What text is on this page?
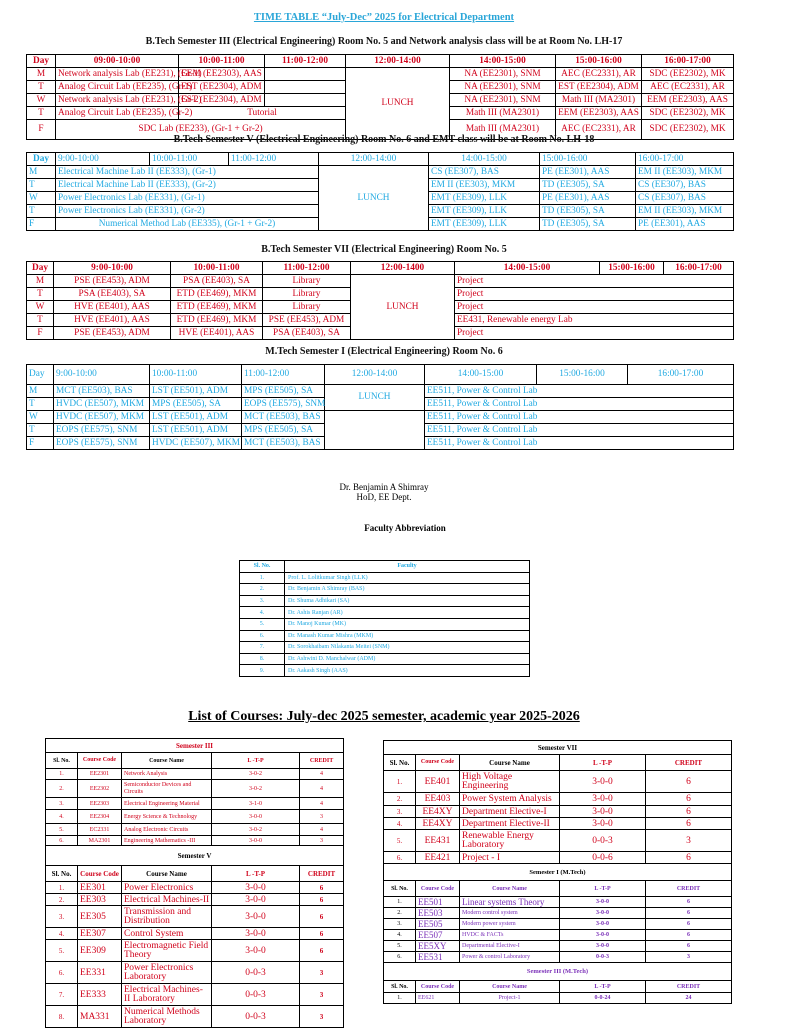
TIME TABLE “July-Dec” 2025 for Electrical Department
B.Tech Semester III (Electrical Engineering) Room No. 5 and Network analysis class will be at Room No. LH-17
Day	09:00-10:00	10:00-11:00	11:00-12:00	12:00-14:00	14:00-15:00	15:00-16:00	16:00-17:00
M	Network analysis Lab (EE231), (Gr-1)	EEM (EE2303), AAS		LUNCH	NA (EE2301), SNM	AEC (EC2331), AR	SDC (EE2302), MK
T	Analog Circuit Lab (EE235), (Gr-1)	EST (EE2304), ADM			NA (EE2301), SNM	EST (EE2304), ADM	AEC (EC2331), AR
W	Network analysis Lab (EE231), (Gr-2)	EST (EE2304), ADM			NA (EE2301), SNM	Math III (MA2301)	EEM (EE2303), AAS
T	Analog Circuit Lab (EE235), (Gr-2)	Tutorial			Math III (MA2301)	EEM (EE2303), AAS	SDC (EE2302), MK
F	SDC Lab (EE233), (Gr-1 + Gr-2)				Math III (MA2301)	AEC (EC2331), AR	SDC (EE2302), MK
B.Tech Semester V (Electrical Engineering) Room No. 6 and EMT class will be at Room No. LH-18
Day	9:00-10:00	10:00-11:00	11:00-12:00	12:00-14:00	14:00-15:00	15:00-16:00	16:00-17:00
M	Electrical Machine Lab II (EE333), (Gr-1)			LUNCH	CS (EE307), BAS	PE (EE301), AAS	EM II (EE303), MKM
T	Electrical Machine Lab II (EE333), (Gr-2)				EM II (EE303), MKM	TD (EE305), SA	CS (EE307), BAS
W	Power Electronics Lab (EE331), (Gr-1)				EMT (EE309), LLK	PE (EE301), AAS	CS (EE307), BAS
T	Power Electronics Lab (EE331), (Gr-2)				EMT (EE309), LLK	TD (EE305), SA	EM II (EE303), MKM
F	Numerical Method Lab (EE335), (Gr-1 + Gr-2)				EMT (EE309), LLK	TD (EE305), SA	PE (EE301), AAS
B.Tech Semester VII (Electrical Engineering) Room No. 5
Day	9:00-10:00	10:00-11:00	11:00-12:00	12:00-1400	14:00-15:00	15:00-16:00	16:00-17:00
M	PSE (EE453), ADM	PSA (EE403), SA	Library	LUNCH	Project		
T	PSA (EE403), SA	ETD (EE469), MKM	Library		Project		
W	HVE (EE401), AAS	ETD (EE469), MKM	Library		Project		
T	HVE (EE401), AAS	ETD (EE469), MKM	PSE (EE453), ADM		EE431, Renewable energy Lab		
F	PSE (EE453), ADM	HVE (EE401), AAS	PSA (EE403), SA		Project		
M.Tech Semester I (Electrical Engineering) Room No. 6
Day	9:00-10:00	10:00-11:00	11:00-12:00	12:00-14:00	14:00-15:00	15:00-16:00	16:00-17:00
M	MCT (EE503), BAS	LST (EE501), ADM	MPS (EE505), SA	LUNCH	EE511, Power & Control Lab		
T	HVDC (EE507), MKM	MPS (EE505), SA	EOPS (EE575), SNM		EE511, Power & Control Lab		
W	HVDC (EE507), MKM	LST (EE501), ADM	MCT (EE503), BAS		EE511, Power & Control Lab		
T	EOPS (EE575), SNM	LST (EE501), ADM	MPS (EE505), SA		EE511, Power & Control Lab		
F	EOPS (EE575), SNM	HVDC (EE507), MKM	MCT (EE503), BAS		EE511, Power & Control Lab		
Dr. Benjamin A Shimray
HoD, EE Dept.
Faculty Abbreviation
Sl. No.	Faculty
1.	Prof. L. Lolitkumar Singh (LLK)
2.	Dr. Benjamin A Shimray (BAS)
3.	Dr. Shuma Adhikari (SA)
4.	Dr. Ashis Ranjan (AR)
5.	Dr. Manoj Kumar (MK)
6.	Dr. Manash Kumar Mishra (MKM)
7.	Dr. Sorokhaibam Nilakanta Meitei (SNM)
8.	Dr. Ashwini D. Manchalwar (ADM)
9.	Dr. Aakash Singh (AAS)
List of Courses: July-dec 2025 semester, academic year 2025-2026
Semester III				
Sl. No.	Course Code	Course Name	L -T-P	CREDIT
1.	EE2301	Network Analysis	3-0-2	4
2.	EE2302	Semiconductor Devices and Circuits	3-0-2	4
3.	EE2303	Electrical Engineering Material	3-1-0	4
4.	EE2304	Energy Science & Technology	3-0-0	3
5.	EC2331	Analog Electronic Circuits	3-0-2	4
6.	MA2301	Engineering Mathematics -III	3-0-0	3
Semester V				
Sl. No.	Course Code	Course Name	L -T-P	CREDIT
1.	EE301	Power Electronics	3-0-0	6
2.	EE303	Electrical Machines-II	3-0-0	6
3.	EE305	Transmission and Distribution	3-0-0	6
4.	EE307	Control System	3-0-0	6
5.	EE309	Electromagnetic Field Theory	3-0-0	6
6.	EE331	Power Electronics Laboratory	0-0-3	3
7.	EE333	Electrical Machines-II Laboratory	0-0-3	3
8.	MA331	Numerical Methods Laboratory	0-0-3	3
Semester VII				
Sl. No.	Course Code	Course Name	L -T-P	CREDIT
1.	EE401	High Voltage Engineering	3-0-0	6
2.	EE403	Power System Analysis	3-0-0	6
3.	EE4XY	Department Elective-I	3-0-0	6
4.	EE4XY	Department Elective-II	3-0-0	6
5.	EE431	Renewable Energy Laboratory	0-0-3	3
6.	EE421	Project - I	0-0-6	6
Semester I (M.Tech)				
Sl. No.	Course Code	Course Name	L -T-P	CREDIT
1.	EE501	Linear systems Theory	3-0-0	6
2.	EE503	Modern control system	3-0-0	6
3.	EE505	Modern power system	3-0-0	6
4.	EE507	HVDC & FACTs	3-0-0	6
5.	EE5XY	Departmental Elective-I	3-0-0	6
6.	EE531	Power & control Laboratory	0-0-3	3
Semester III (M.Tech)				
Sl. No.	Course Code	Course Name	L -T-P	CREDIT
1.	EE621	Project-1	0-0-24	24
